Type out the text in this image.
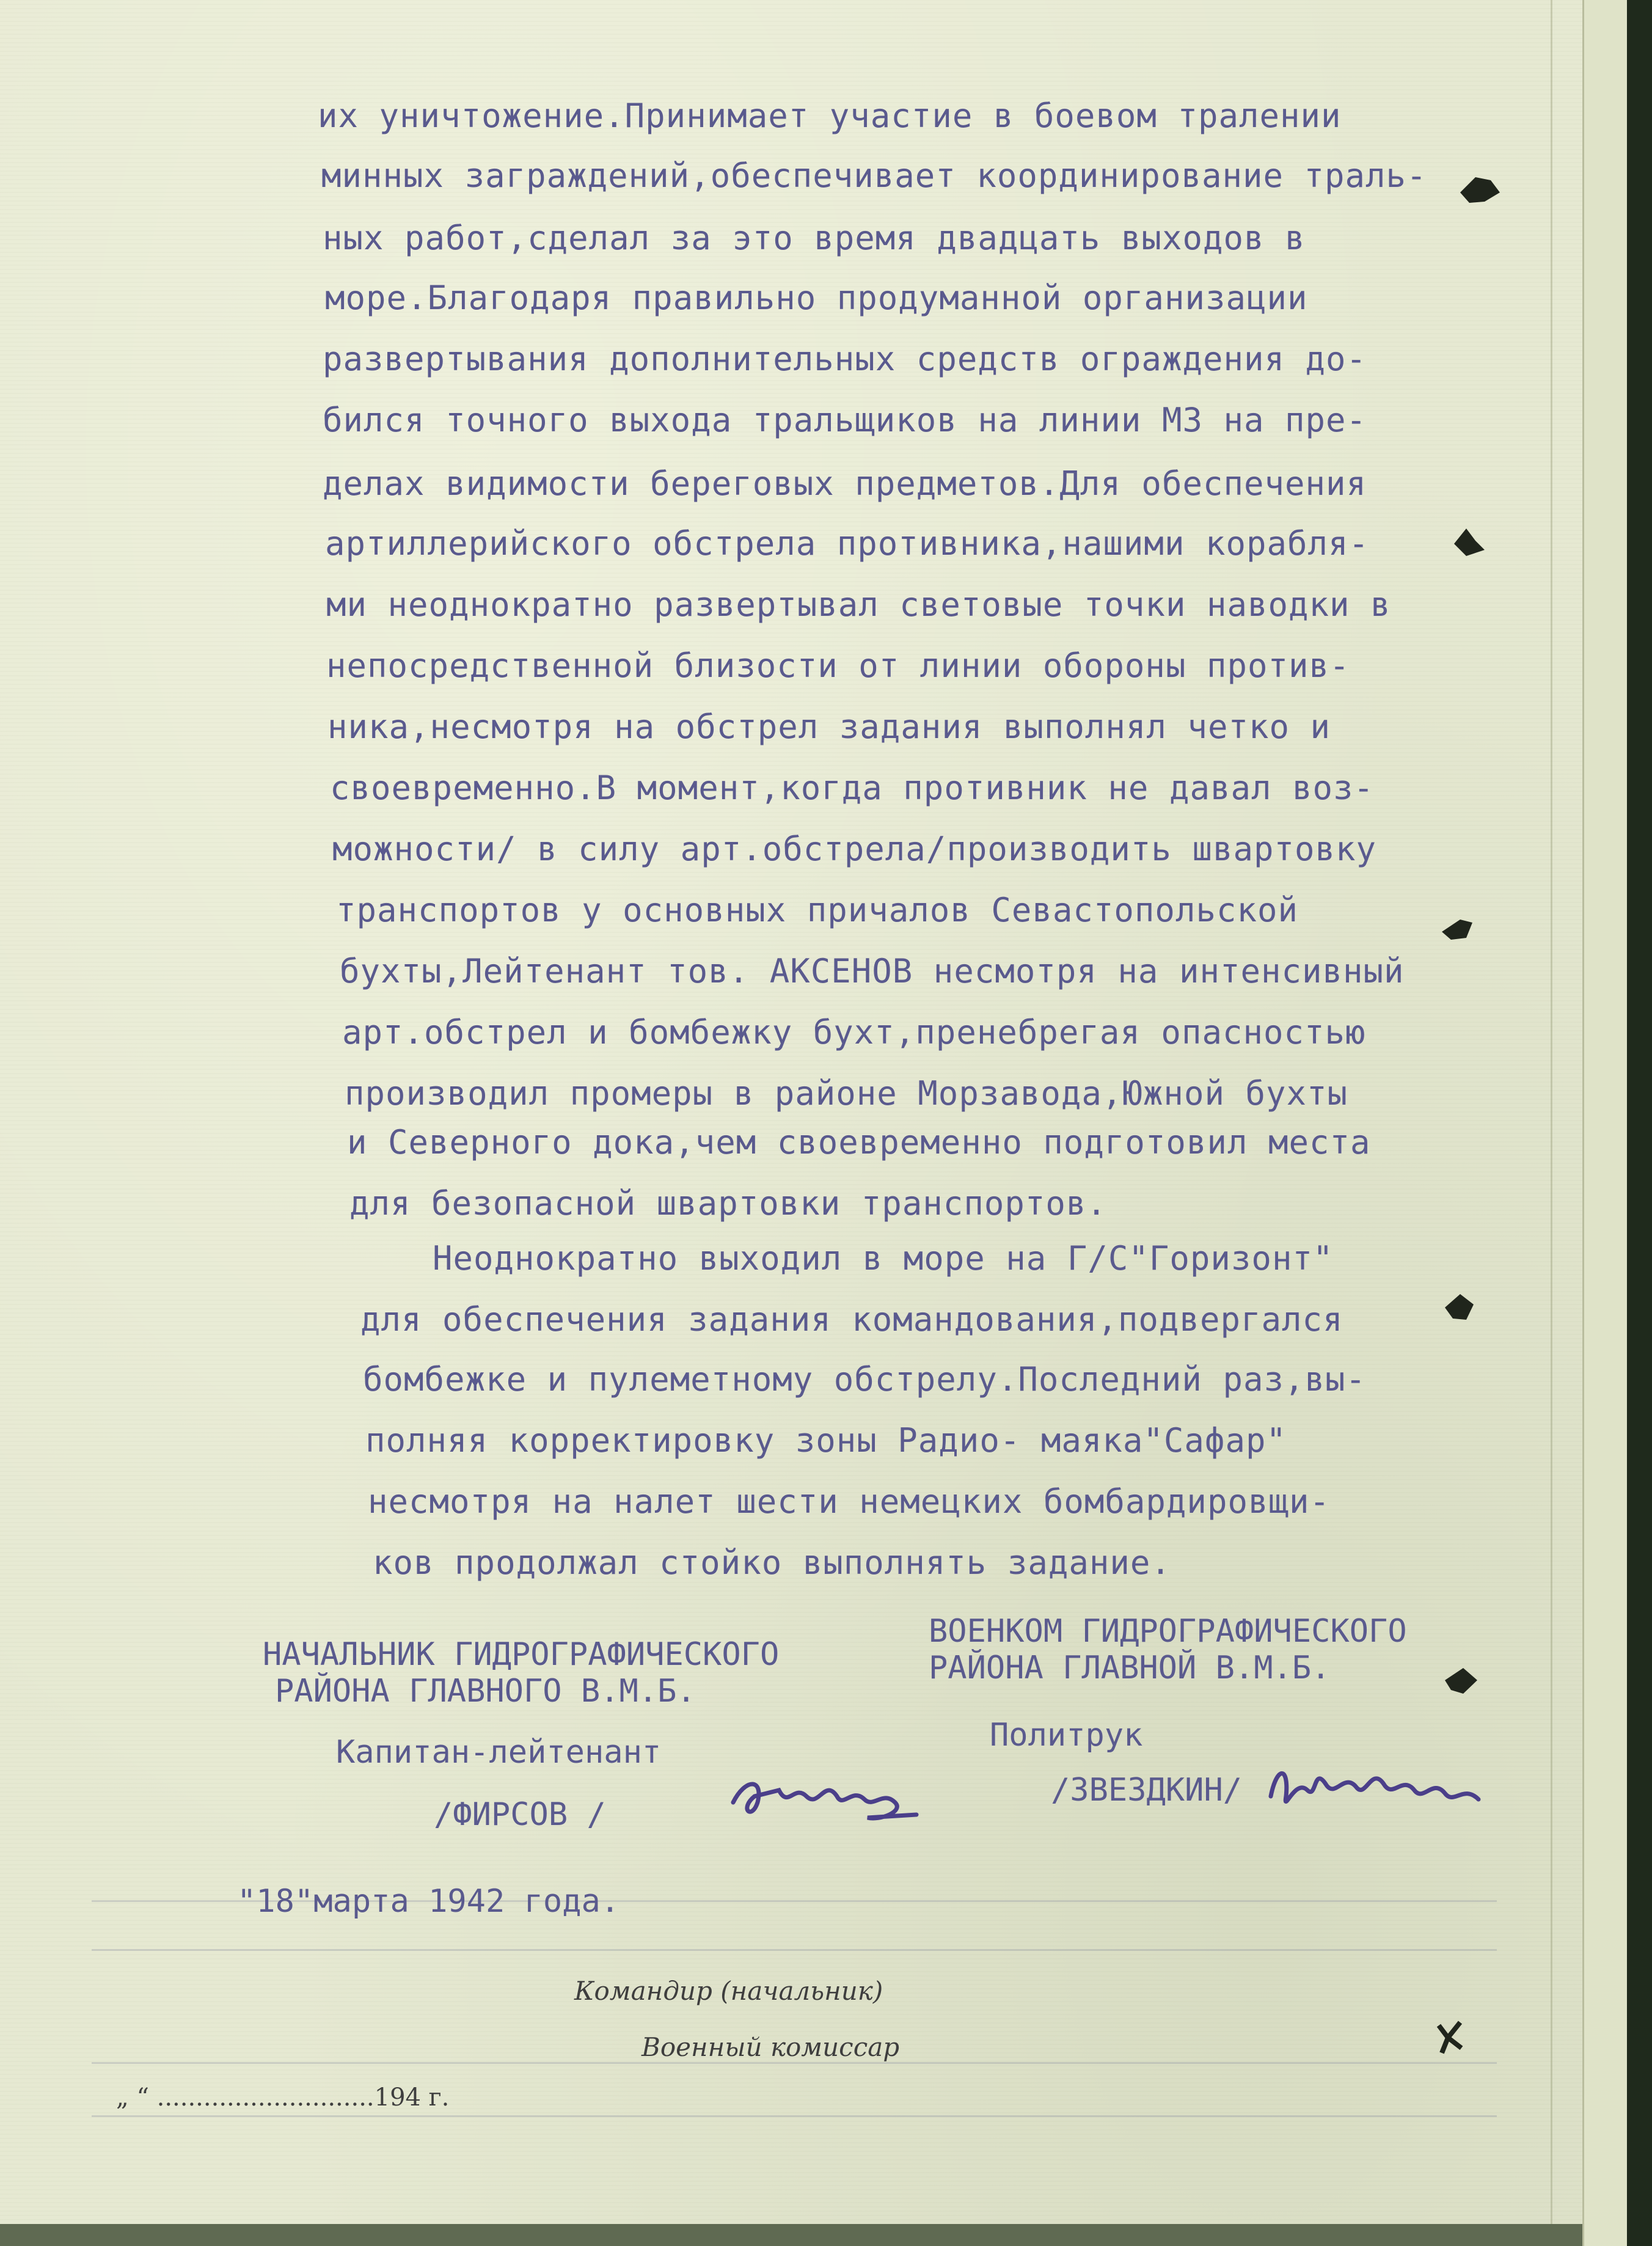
их уничтожение.Принимает участие в боевом тралении
минных заграждений,обеспечивает координирование траль-
ных работ,сделал за это время двадцать выходов в
море.Благодаря правильно продуманной организации
развертывания дополнительных средств ограждения до-
бился точного выхода тральщиков на линии МЗ на пре-
делах видимости береговых предметов.Для обеспечения
артиллерийского обстрела противника,нашими корабля-
ми неоднократно развертывал световые точки наводки в
непосредственной близости от линии обороны против-
ника,несмотря на обстрел задания выполнял четко и
своевременно.В момент,когда противник не давал воз-
можности/ в силу арт.обстрела/производить швартовку
транспортов у основных причалов Севастопольской
бухты,Лейтенант тов. АКСЕНОВ несмотря на интенсивный
арт.обстрел и бомбежку бухт,пренебрегая опасностью
производил промеры в районе Морзавода,Южной бухты
и Северного дока,чем своевременно подготовил места
для безопасной швартовки транспортов.
Неоднократно выходил в море на Г/С"Горизонт"
для обеспечения задания командования,подвергался
бомбежке и пулеметному обстрелу.Последний раз,вы-
полняя корректировку зоны Радио- маяка"Сафар"
несмотря на налет шести немецких бомбардировщи-
ков продолжал стойко выполнять задание.
НАЧАЛЬНИК ГИДРОГРАФИЧЕСКОГО
РАЙОНА ГЛАВНОГО В.М.Б.
Капитан-лейтенант
/ФИРСОВ /
ВОЕНКОМ ГИДРОГРАФИЧЕСКОГО
РАЙОНА ГЛАВНОЙ В.М.Б.
Политрук
/ЗВЕЗДКИН/
"18"марта 1942 года.
Командир (начальник)
Военный комиссар
„ “ ............................194 г.
